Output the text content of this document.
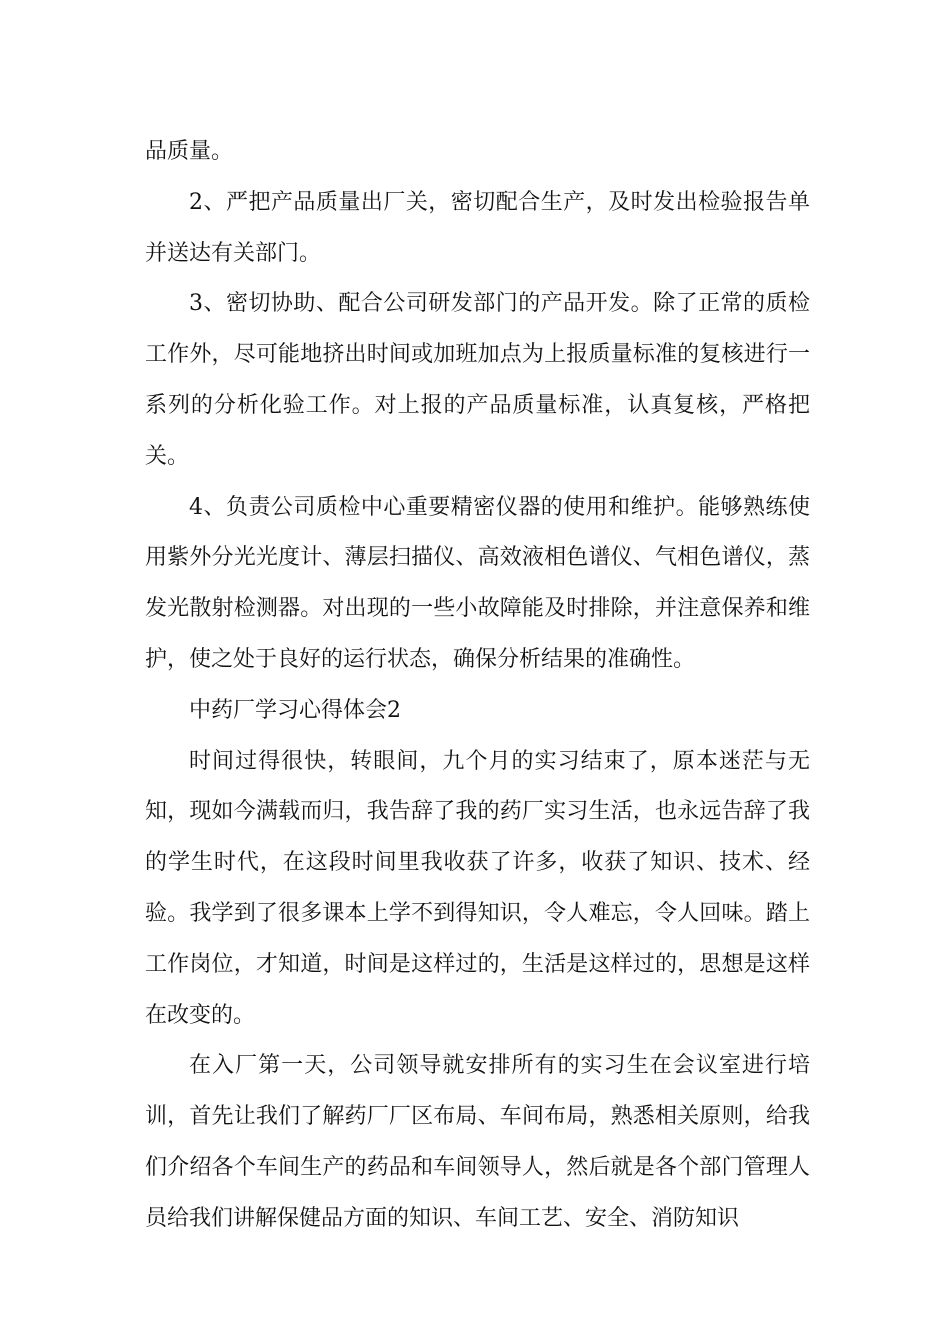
品质量。

2、严把产品质量出厂关，密切配合生产，及时发出检验报告单并送达有关部门。

3、密切协助、配合公司研发部门的产品开发。除了正常的质检工作外，尽可能地挤出时间或加班加点为上报质量标准的复核进行一系列的分析化验工作。对上报的产品质量标准，认真复核，严格把关。

4、负责公司质检中心重要精密仪器的使用和维护。能够熟练使用紫外分光光度计、薄层扫描仪、高效液相色谱仪、气相色谱仪，蒸发光散射检测器。对出现的一些小故障能及时排除，并注意保养和维护，使之处于良好的运行状态，确保分析结果的准确性。

中药厂学习心得体会2

时间过得很快，转眼间，九个月的实习结束了，原本迷茫与无知，现如今满载而归，我告辞了我的药厂实习生活，也永远告辞了我的学生时代，在这段时间里我收获了许多，收获了知识、技术、经验。我学到了很多课本上学不到得知识，令人难忘，令人回味。踏上工作岗位，才知道，时间是这样过的，生活是这样过的，思想是这样在改变的。

在入厂第一天，公司领导就安排所有的实习生在会议室进行培训，首先让我们了解药厂厂区布局、车间布局，熟悉相关原则，给我们介绍各个车间生产的药品和车间领导人，然后就是各个部门管理人员给我们讲解保健品方面的知识、车间工艺、安全、消防知识
